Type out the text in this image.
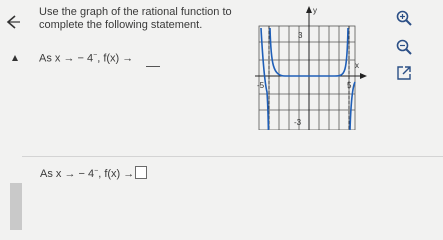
Use the graph of the rational function to
complete the following statement.
As x → − 4−, f(x) →
y
x
3
-3
-5	5
As x → − 4−, f(x) →
